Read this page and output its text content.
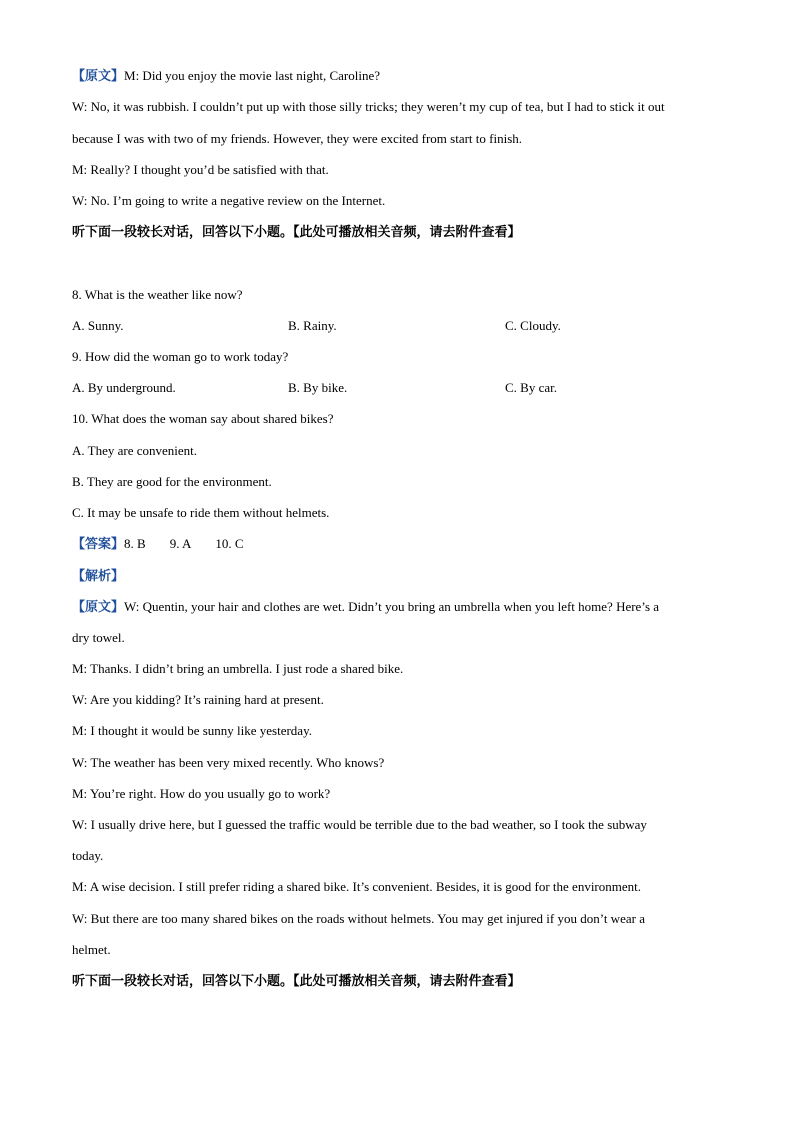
【原文】M: Did you enjoy the movie last night, Caroline?
W: No, it was rubbish. I couldn’t put up with those silly tricks; they weren’t my cup of tea, but I had to stick it out
because I was with two of my friends. However, they were excited from start to finish.
M: Really? I thought you’d be satisfied with that.
W: No. I’m going to write a negative review on the Internet.
听下面一段较长对话，回答以下小题。【此处可播放相关音频，请去附件查看】
8. What is the weather like now?
A. Sunny.	B. Rainy.	C. Cloudy.
9. How did the woman go to work today?
A. By underground.	B. By bike.	C. By car.
10. What does the woman say about shared bikes?
A. They are convenient.
B. They are good for the environment.
C. It may be unsafe to ride them without helmets.
【答案】8. B 9. A 10. C
【解析】
【原文】W: Quentin, your hair and clothes are wet. Didn’t you bring an umbrella when you left home? Here’s a
dry towel.
M: Thanks. I didn’t bring an umbrella. I just rode a shared bike.
W: Are you kidding? It’s raining hard at present.
M: I thought it would be sunny like yesterday.
W: The weather has been very mixed recently. Who knows?
M: You’re right. How do you usually go to work?
W: I usually drive here, but I guessed the traffic would be terrible due to the bad weather, so I took the subway
today.
M: A wise decision. I still prefer riding a shared bike. It’s convenient. Besides, it is good for the environment.
W: But there are too many shared bikes on the roads without helmets. You may get injured if you don’t wear a
helmet.
听下面一段较长对话，回答以下小题。【此处可播放相关音频，请去附件查看】
